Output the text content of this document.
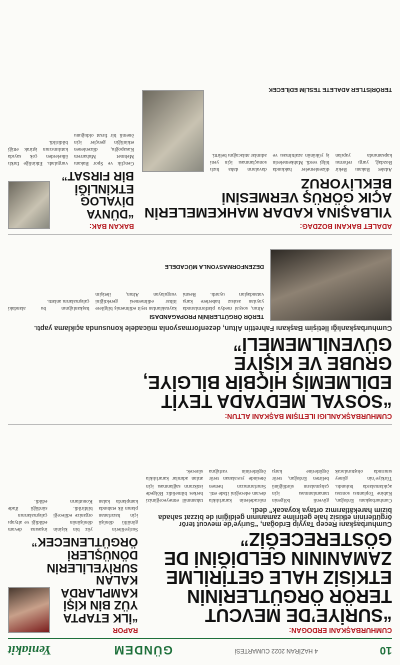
10
4 HAZİRAN 2022 CUMARTESİ
GÜNDEM
Yeniakit
CUMHURBAŞKANI ERDOĞAN:
“SURİYE’DE MEVCUT TERÖR ÖRGÜTLERİNİN ETKİSİZ HALE GETİRİLME ZAMANININ GELDİĞİNİ DE GÖSTERECEĞİZ”
Cumhurbaşkanı Recep Tayyip Erdoğan, “Suriye’de mevcut terör örgütlerinin etkisiz hale getirilme zamanının geldiğini de bizzat sahada bizim harekâtlarımız ortaya koyacak” dedi.
Cumhurbaşkanı Erdoğan, Kabine Toplantısı sonrası açıklamalarda bulundu. Türkiye’nin güney sınırında oluşturulacak güvenli bölgenin tamamlanması için çalışmaların sürdüğünü belirten Erdoğan, terör örgütlerine karşı mücadelenin kararlılıkla devam edeceğini ifade etti. Sınırlarımızın hemen ötesinde yuvalanan terör örgütlerinin varlığına tahammül etmeyeceğimizi herkes bilmelidir. Bölgede istikrarın sağlanması için atılan adımlar kararlılıkla sürecek.
RAPOR
“İLK ETAPTA YÜZ BİN KİŞİ KAMPLARDA KALAN SURİYELİLERİN DÖNÜŞLERİ ÖRGÜTLENECEK”
Suriyelilerin gönüllü dönüşü için hazırlanan planın ilk etabında kamplarda kalan yüz bin kişinin dönüşünün organize edileceği bildirildi. Konutların inşasına devam edildiği ve altyapı çalışmalarının sürdüğü ifade edildi.
CUMHURBAŞKANLIĞI İLETİŞİM BAŞKANI ALTUN:
“SOSYAL MEDYADA TEYİT EDİLMEMİŞ HİÇBİR BİLGİYE, GRUBE VE KİŞİYE GÜVENİLMEMELİ”
Cumhurbaşkanlığı İletişim Başkanı Fahrettin Altun, dezenformasyonla mücadele konusunda açıklama yaptı.
TERÖR ÖRGÜTLERİNİN PROPAGANDASI
Altun, sosyal medya platformlarında yayılan asılsız haberlere karşı vatandaşları uyardı. Resmi kaynaklardan teyit edilmemiş bilgilere itibar edilmemesi gerektiğini vurgulayan Altun, iletişim başkanlığının bu alandaki çalışmalarını anlattı.
DEZENFORMASYONLA MÜCADELE
ADALET BAKANI BOZDAĞ:
YILBAŞINA KADAR MAHKEMELERİN AÇIK GÖRÜŞ VERMESİNİ BEKLİYORUZ
Adalet Bakanı Bekir Bozdağ, yargı reformu kapsamında yapılan düzenlemeler hakkında bilgi verdi. Mahkemelerin iş yükünün azaltılması ve davaların daha hızlı sonuçlanması için yeni adımlar atılacağını belirtti.
TERÖRİSTLER ADALETE TESLİM EDİLECEK
BAKAN BAK:
“DÜNYA DİYALOG ETKİNLİĞİ BİR FIRSAT”
Gençlik ve Spor Bakanı Mehmet Muharrem Kasapoğlu, düzenlenen etkinliğin gençler için önemli bir fırsat olduğunu vurguladı. Etkinliğe farklı ülkelerden çok sayıda katılımcının iştirak ettiği bildirildi.
